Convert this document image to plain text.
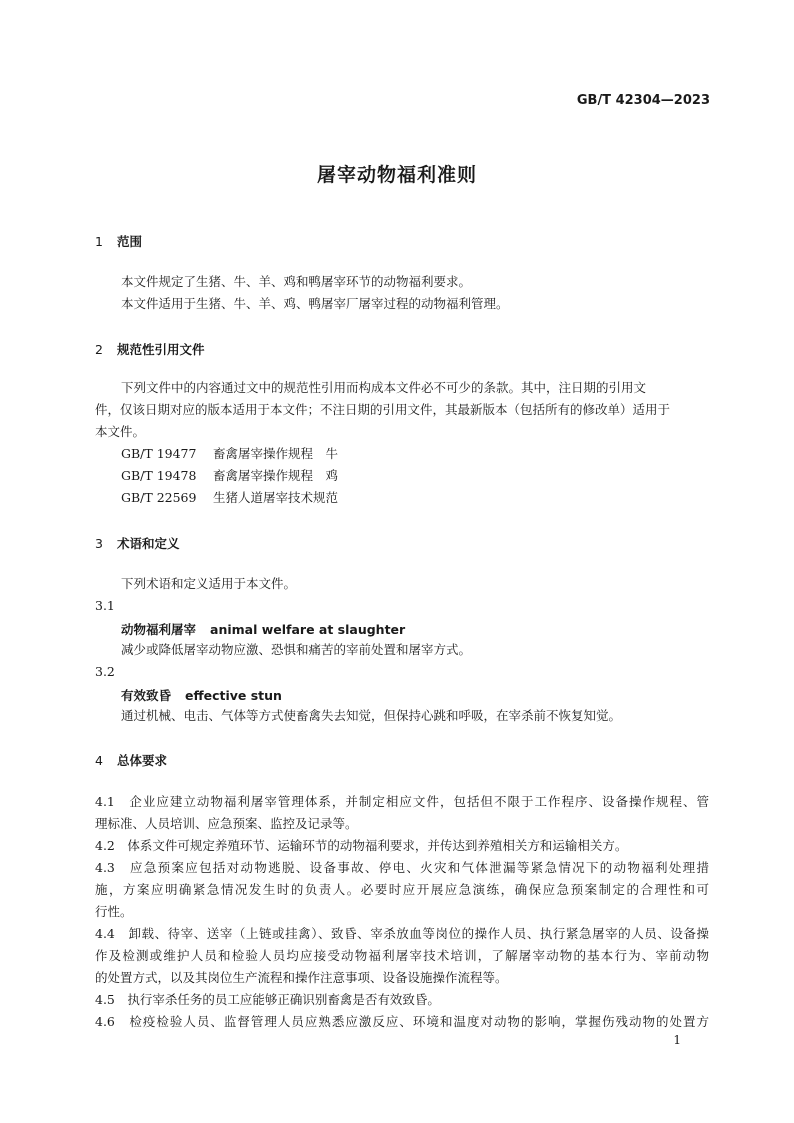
GB/T 42304—2023
屠宰动物福利准则
1 范围
本文件规定了生猪、牛、羊、鸡和鸭屠宰环节的动物福利要求。
本文件适用于生猪、牛、羊、鸡、鸭屠宰厂屠宰过程的动物福利管理。
2 规范性引用文件
下列文件中的内容通过文中的规范性引用而构成本文件必不可少的条款。其中，注日期的引用文
件，仅该日期对应的版本适用于本文件；不注日期的引用文件，其最新版本（包括所有的修改单）适用于
本文件。
GB/T 19477 畜禽屠宰操作规程　牛
GB/T 19478 畜禽屠宰操作规程　鸡
GB/T 22569 生猪人道屠宰技术规范
3 术语和定义
下列术语和定义适用于本文件。
3.1
动物福利屠宰 animal welfare at slaughter
减少或降低屠宰动物应激、恐惧和痛苦的宰前处置和屠宰方式。
3.2
有效致昏 effective stun
通过机械、电击、气体等方式使畜禽失去知觉，但保持心跳和呼吸，在宰杀前不恢复知觉。
4 总体要求
4.1　企业应建立动物福利屠宰管理体系，并制定相应文件，包括但不限于工作程序、设备操作规程、管
理标准、人员培训、应急预案、监控及记录等。
4.2　体系文件可规定养殖环节、运输环节的动物福利要求，并传达到养殖相关方和运输相关方。
4.3　应急预案应包括对动物逃脱、设备事故、停电、火灾和气体泄漏等紧急情况下的动物福利处理措
施，方案应明确紧急情况发生时的负责人。必要时应开展应急演练，确保应急预案制定的合理性和可
行性。
4.4　卸载、待宰、送宰（上链或挂禽）、致昏、宰杀放血等岗位的操作人员、执行紧急屠宰的人员、设备操
作及检测或维护人员和检验人员均应接受动物福利屠宰技术培训，了解屠宰动物的基本行为、宰前动物
的处置方式，以及其岗位生产流程和操作注意事项、设备设施操作流程等。
4.5　执行宰杀任务的员工应能够正确识别畜禽是否有效致昏。
4.6　检疫检验人员、监督管理人员应熟悉应激反应、环境和温度对动物的影响，掌握伤残动物的处置方
1
